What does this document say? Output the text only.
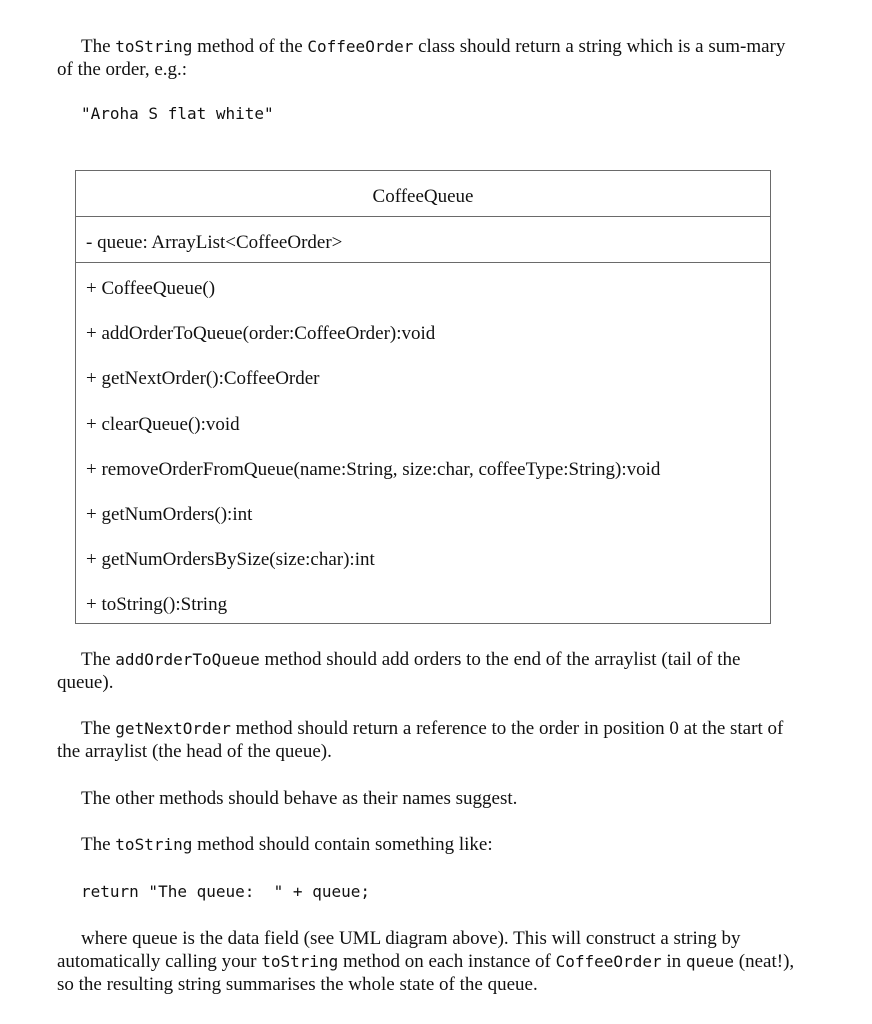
The toString method of the CoffeeOrder class should return a string which is a sum-mary of the order, e.g.:

"Aroha S flat white"
CoffeeQueue
- queue: ArrayList<CoffeeOrder>
+ CoffeeQueue()
+ addOrderToQueue(order:CoffeeOrder):void
+ getNextOrder():CoffeeOrder
+ clearQueue():void
+ removeOrderFromQueue(name:String, size:char, coffeeType:String):void
+ getNumOrders():int
+ getNumOrdersBySize(size:char):int
+ toString():String

The addOrderToQueue method should add orders to the end of the arraylist (tail of the queue).

The getNextOrder method should return a reference to the order in position 0 at the start of the arraylist (the head of the queue).

The other methods should behave as their names suggest.

The toString method should contain something like:

return "The queue:  " + queue;

where queue is the data field (see UML diagram above). This will construct a string by automatically calling your toString method on each instance of CoffeeOrder in queue (neat!), so the resulting string summarises the whole state of the queue.
